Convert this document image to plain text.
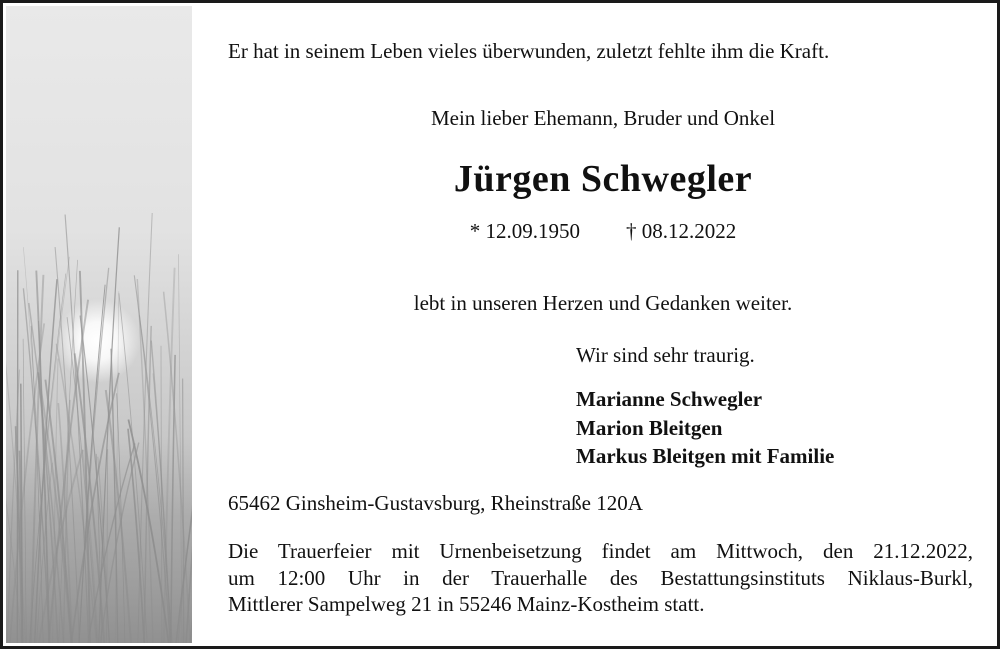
Er hat in seinem Leben vieles überwunden, zuletzt fehlte ihm die Kraft.

Mein lieber Ehemann, Bruder und Onkel

Jürgen Schwegler

* 12.09.1950 † 08.12.2022

lebt in unseren Herzen und Gedanken weiter.

Wir sind sehr traurig.

Marianne Schwegler
Marion Bleitgen
Markus Bleitgen mit Familie

65462 Ginsheim-Gustavsburg, Rheinstraße 120A

Die Trauerfeier mit Urnenbeisetzung findet am Mittwoch, den 21.12.2022,
um 12:00 Uhr in der Trauerhalle des Bestattungsinstituts Niklaus-Burkl,
Mittlerer Sampelweg 21 in 55246 Mainz-Kostheim statt.
